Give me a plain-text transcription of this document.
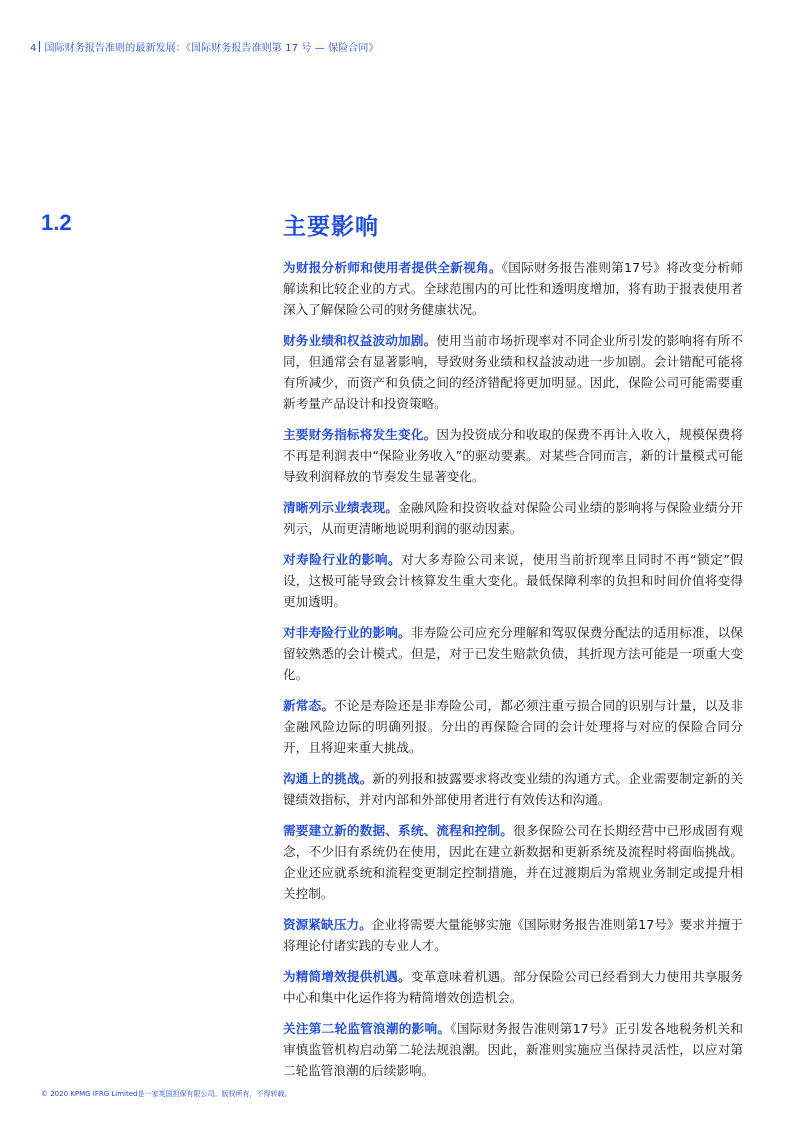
4 国际财务报告准则的最新发展：《国际财务报告准则第 17 号 — 保险合同》
1.2	主要影响

为财报分析师和使用者提供全新视角。《国际财务报告准则第17号》将改变分析师解读和比较企业的方式。全球范围内的可比性和透明度增加，将有助于报表使用者深入了解保险公司的财务健康状况。

财务业绩和权益波动加剧。使用当前市场折现率对不同企业所引发的影响将有所不同，但通常会有显著影响，导致财务业绩和权益波动进一步加剧。会计错配可能将有所减少，而资产和负债之间的经济错配将更加明显。因此，保险公司可能需要重新考量产品设计和投资策略。

主要财务指标将发生变化。因为投资成分和收取的保费不再计入收入，规模保费将不再是利润表中“保险业务收入”的驱动要素。对某些合同而言，新的计量模式可能导致利润释放的节奏发生显著变化。

清晰列示业绩表现。金融风险和投资收益对保险公司业绩的影响将与保险业绩分开列示，从而更清晰地说明利润的驱动因素。

对寿险行业的影响。对大多寿险公司来说，使用当前折现率且同时不再“锁定”假设，这极可能导致会计核算发生重大变化。最低保障利率的负担和时间价值将变得更加透明。

对非寿险行业的影响。非寿险公司应充分理解和驾驭保费分配法的适用标准，以保留较熟悉的会计模式。但是，对于已发生赔款负债，其折现方法可能是一项重大变化。

新常态。不论是寿险还是非寿险公司，都必须注重亏损合同的识别与计量，以及非金融风险边际的明确列报。分出的再保险合同的会计处理将与对应的保险合同分开，且将迎来重大挑战。

沟通上的挑战。新的列报和披露要求将改变业绩的沟通方式。企业需要制定新的关键绩效指标，并对内部和外部使用者进行有效传达和沟通。

需要建立新的数据、系统、流程和控制。很多保险公司在长期经营中已形成固有观念，不少旧有系统仍在使用，因此在建立新数据和更新系统及流程时将面临挑战。企业还应就系统和流程变更制定控制措施，并在过渡期后为常规业务制定或提升相关控制。

资源紧缺压力。企业将需要大量能够实施《国际财务报告准则第17号》要求并擅于将理论付诸实践的专业人才。

为精简增效提供机遇。变革意味着机遇。部分保险公司已经看到大力使用共享服务中心和集中化运作将为精简增效创造机会。

关注第二轮监管浪潮的影响。《国际财务报告准则第17号》正引发各地税务机关和审慎监管机构启动第二轮法规浪潮。因此，新准则实施应当保持灵活性，以应对第二轮监管浪潮的后续影响。

© 2020 KPMG IFRG Limited是一家英国担保有限公司。版权所有，不得转载。
